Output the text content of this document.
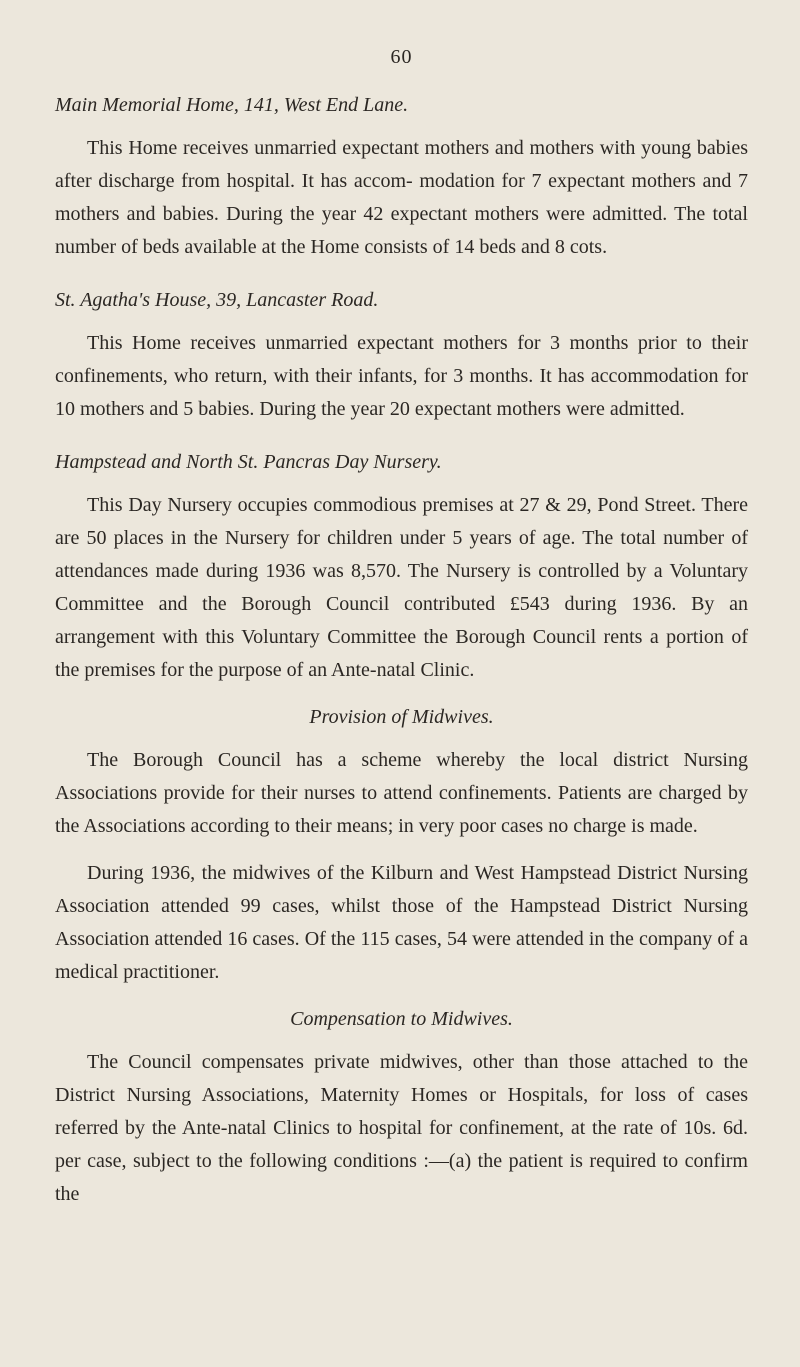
60
Main Memorial Home, 141, West End Lane.

This Home receives unmarried expectant mothers and mothers with young babies after discharge from hospital. It has accom- modation for 7 expectant mothers and 7 mothers and babies. During the year 42 expectant mothers were admitted. The total number of beds available at the Home consists of 14 beds and 8 cots.

St. Agatha's House, 39, Lancaster Road.

This Home receives unmarried expectant mothers for 3 months prior to their confinements, who return, with their infants, for 3 months. It has accommodation for 10 mothers and 5 babies. During the year 20 expectant mothers were admitted.

Hampstead and North St. Pancras Day Nursery.

This Day Nursery occupies commodious premises at 27 & 29, Pond Street. There are 50 places in the Nursery for children under 5 years of age. The total number of attendances made during 1936 was 8,570. The Nursery is controlled by a Voluntary Committee and the Borough Council contributed £543 during 1936. By an arrangement with this Voluntary Committee the Borough Council rents a portion of the premises for the purpose of an Ante-natal Clinic.

Provision of Midwives.

The Borough Council has a scheme whereby the local district Nursing Associations provide for their nurses to attend confinements. Patients are charged by the Associations according to their means; in very poor cases no charge is made.

During 1936, the midwives of the Kilburn and West Hampstead District Nursing Association attended 99 cases, whilst those of the Hampstead District Nursing Association attended 16 cases. Of the 115 cases, 54 were attended in the company of a medical practitioner.

Compensation to Midwives.

The Council compensates private midwives, other than those attached to the District Nursing Associations, Maternity Homes or Hospitals, for loss of cases referred by the Ante-natal Clinics to hospital for confinement, at the rate of 10s. 6d. per case, subject to the following conditions :—(a) the patient is required to confirm the
